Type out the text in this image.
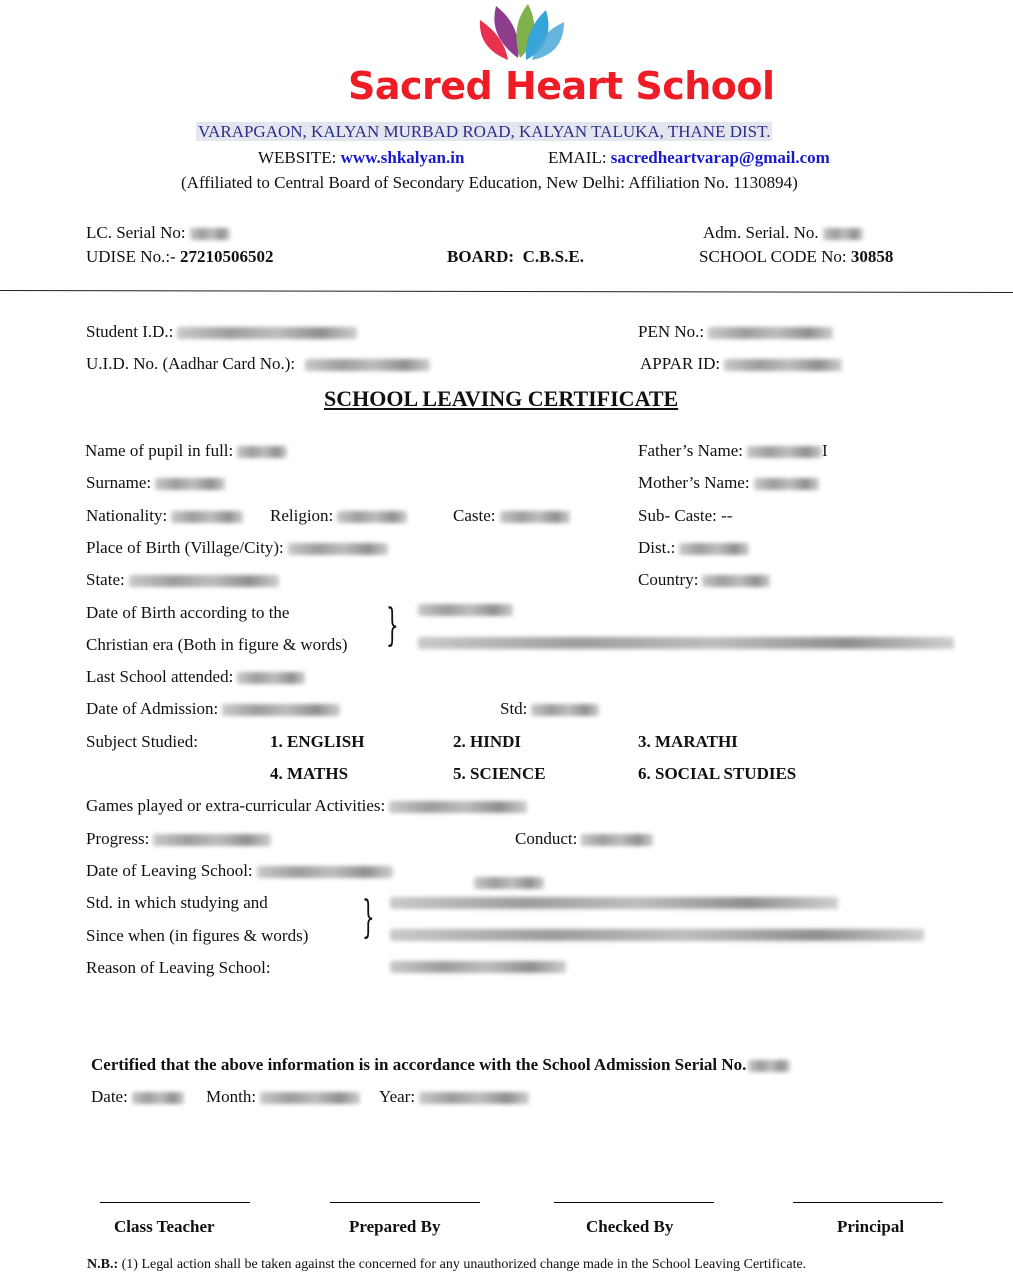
Sacred Heart School
VARAPGAON, KALYAN MURBAD ROAD, KALYAN TALUKA, THANE DIST.
WEBSITE: www.shkalyan.in	EMAIL: sacredheartvarap@gmail.com
(Affiliated to Central Board of Secondary Education, New Delhi: Affiliation No. 1130894)
LC. Serial No:	Adm. Serial. No.
UDISE No.:- 27210506502	BOARD: C.B.S.E.	SCHOOL CODE No: 30858
Student I.D.:	PEN No.:
U.I.D. No. (Aadhar Card No.):	APPAR ID:
SCHOOL LEAVING CERTIFICATE
Name of pupil in full:	Father’s Name:	I
Surname:	Mother’s Name:
Nationality:	Religion:	Caste:	Sub- Caste: --
Place of Birth (Village/City):	Dist.:
State:	Country:
Date of Birth according to the
Christian era (Both in figure & words) }
Last School attended:
Date of Admission:	Std:
Subject Studied:	1. ENGLISH	2. HINDI	3. MARATHI
4. MATHS	5. SCIENCE	6. SOCIAL STUDIES
Games played or extra-curricular Activities:
Progress:	Conduct:
Date of Leaving School:
Std. in which studying and
Since when (in figures & words) }
Reason of Leaving School:
Certified that the above information is in accordance with the School Admission Serial No.
Date:	Month:	Year:
Class Teacher	Prepared By	Checked By	Principal
N.B.: (1) Legal action shall be taken against the concerned for any unauthorized change made in the School Leaving Certificate.
